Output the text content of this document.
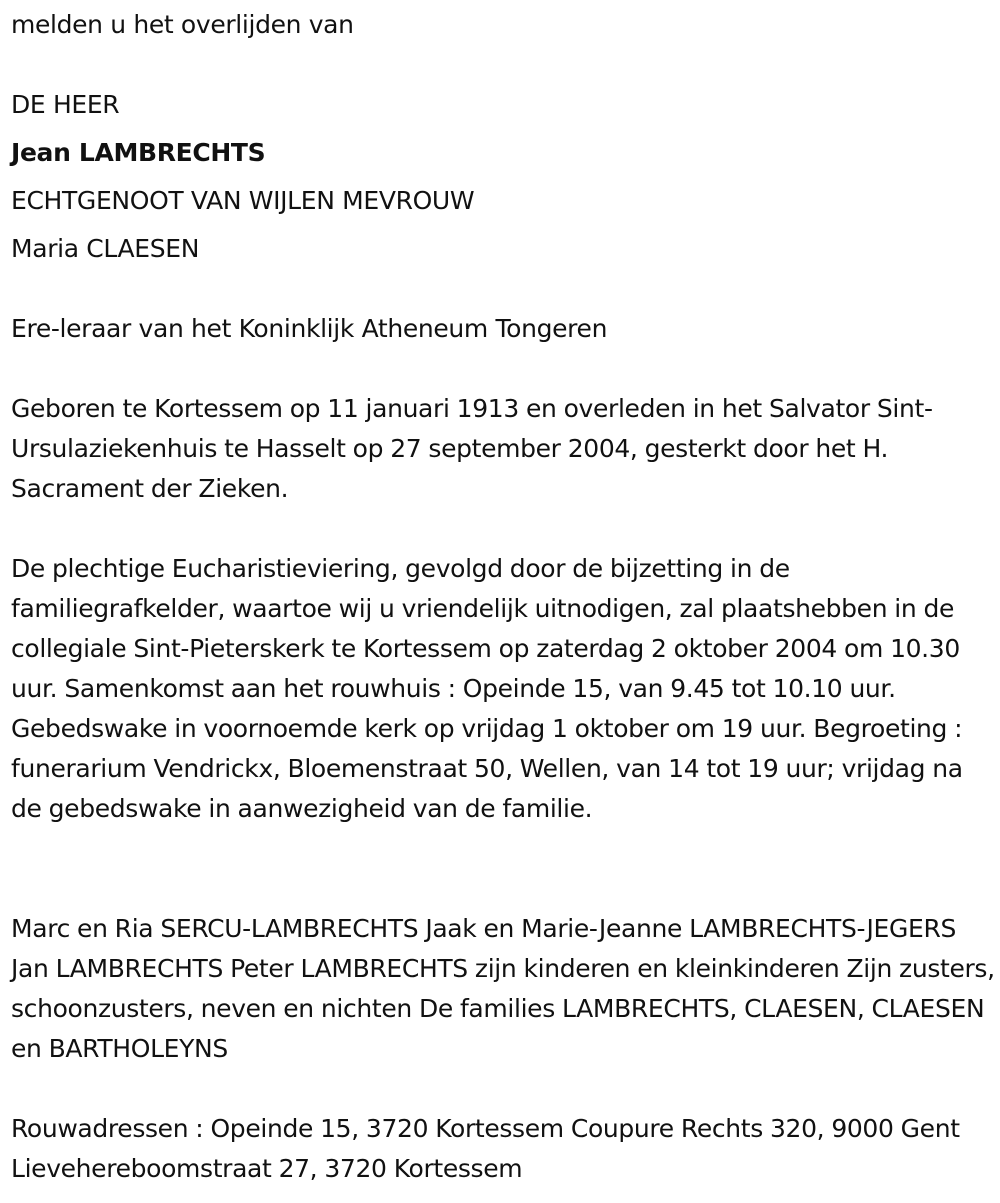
melden u het overlijden van
DE HEER
Jean LAMBRECHTS
ECHTGENOOT VAN WIJLEN MEVROUW
Maria CLAESEN
Ere-leraar van het Koninklijk Atheneum Tongeren
Geboren te Kortessem op 11 januari 1913 en overleden in het Salvator Sint-Ursulaziekenhuis te Hasselt op 27 september 2004, gesterkt door het H. Sacrament der Zieken.
De plechtige Eucharistieviering, gevolgd door de bijzetting in de familiegrafkelder, waartoe wij u vriendelijk uitnodigen, zal plaatshebben in de collegiale Sint-Pieterskerk te Kortessem op zaterdag 2 oktober 2004 om 10.30 uur. Samenkomst aan het rouwhuis : Opeinde 15, van 9.45 tot 10.10 uur. Gebedswake in voornoemde kerk op vrijdag 1 oktober om 19 uur. Begroeting : funerarium Vendrickx, Bloemenstraat 50, Wellen, van 14 tot 19 uur; vrijdag na de gebedswake in aanwezigheid van de familie.
Marc en Ria SERCU-LAMBRECHTS Jaak en Marie-Jeanne LAMBRECHTS-JEGERS Jan LAMBRECHTS Peter LAMBRECHTS zijn kinderen en kleinkinderen Zijn zusters, schoonzusters, neven en nichten De families LAMBRECHTS, CLAESEN, CLAESEN en BARTHOLEYNS
Rouwadressen : Opeinde 15, 3720 Kortessem Coupure Rechts 320, 9000 Gent Lievehereboomstraat 27, 3720 Kortessem
